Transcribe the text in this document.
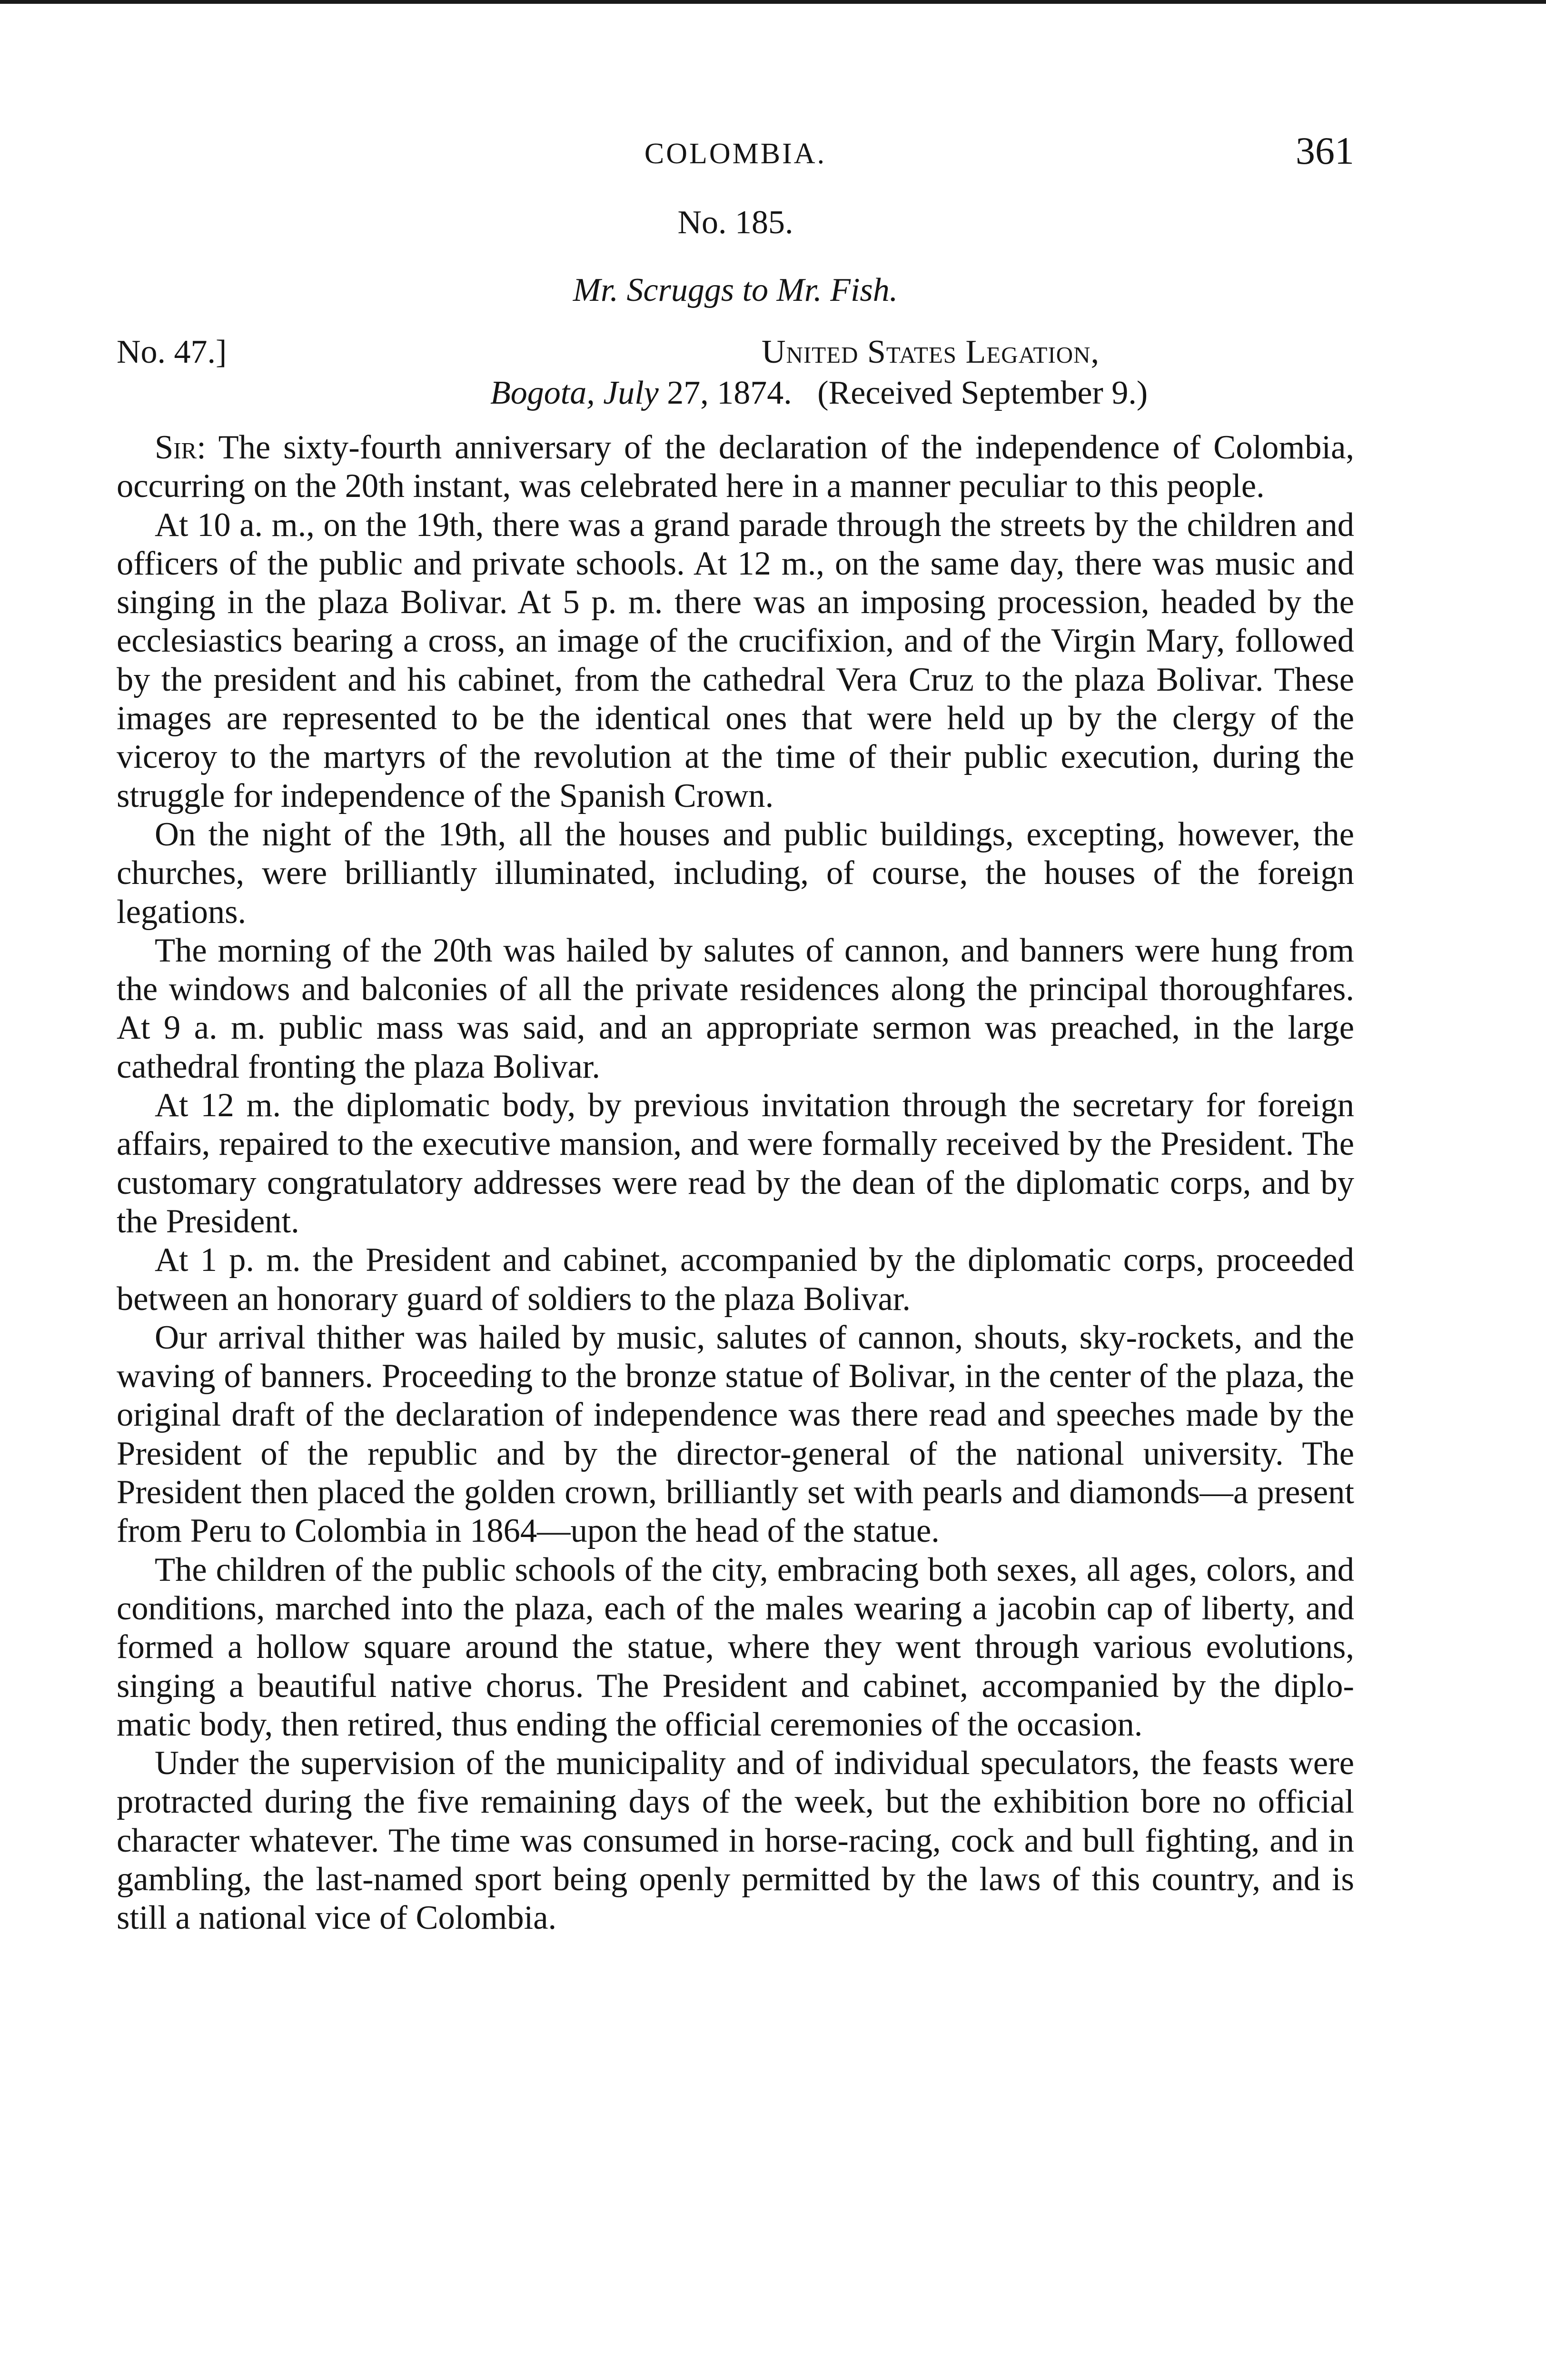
COLOMBIA.	361
No. 185.
Mr. Scruggs to Mr. Fish.
No. 47.]	United States Legation,
Bogota, July 27, 1874. (Received September 9.)

Sir: The sixty-fourth anniversary of the declaration of the independence of Colombia, occurring on the 20th instant, was celebrated here in a manner peculiar to this people.

At 10 a. m., on the 19th, there was a grand parade through the streets by the children and officers of the public and private schools. At 12 m., on the same day, there was music and singing in the plaza Bolivar. At 5 p. m. there was an imposing procession, headed by the ecclesiastics bearing a cross, an image of the crucifixion, and of the Virgin Mary, followed by the president and his cabinet, from the cathedral Vera Cruz to the plaza Bolivar. These images are represented to be the identical ones that were held up by the clergy of the viceroy to the martyrs of the revolution at the time of their public execution, during the struggle for independence of the Spanish Crown.

On the night of the 19th, all the houses and public buildings, excepting, however, the churches, were brilliantly illuminated, including, of course, the houses of the foreign legations.

The morning of the 20th was hailed by salutes of cannon, and banners were hung from the windows and balconies of all the private residences along the principal thoroughfares. At 9 a. m. public mass was said, and an appropriate sermon was preached, in the large cathedral fronting the plaza Bolivar.

At 12 m. the diplomatic body, by previous invitation through the secretary for foreign affairs, repaired to the executive mansion, and were formally received by the President. The customary congratulatory addresses were read by the dean of the diplomatic corps, and by the President.

At 1 p. m. the President and cabinet, accompanied by the diplomatic corps, proceeded between an honorary guard of soldiers to the plaza Bolivar.

Our arrival thither was hailed by music, salutes of cannon, shouts, sky-rockets, and the waving of banners. Proceeding to the bronze statue of Bolivar, in the center of the plaza, the original draft of the declaration of independence was there read and speeches made by the President of the republic and by the director-general of the national university. The President then placed the golden crown, brilliantly set with pearls and diamonds—a present from Peru to Colombia in 1864—upon the head of the statue.

The children of the public schools of the city, embracing both sexes, all ages, colors, and conditions, marched into the plaza, each of the males wearing a jacobin cap of liberty, and formed a hollow square around the statue, where they went through various evolutions, singing a beautiful native chorus. The President and cabinet, accompanied by the diplomatic body, then retired, thus ending the official ceremonies of the occasion.

Under the supervision of the municipality and of individual speculators, the feasts were protracted during the five remaining days of the week, but the exhibition bore no official character whatever. The time was consumed in horse-racing, cock and bull fighting, and in gambling, the last-named sport being openly permitted by the laws of this country, and is still a national vice of Colombia.
